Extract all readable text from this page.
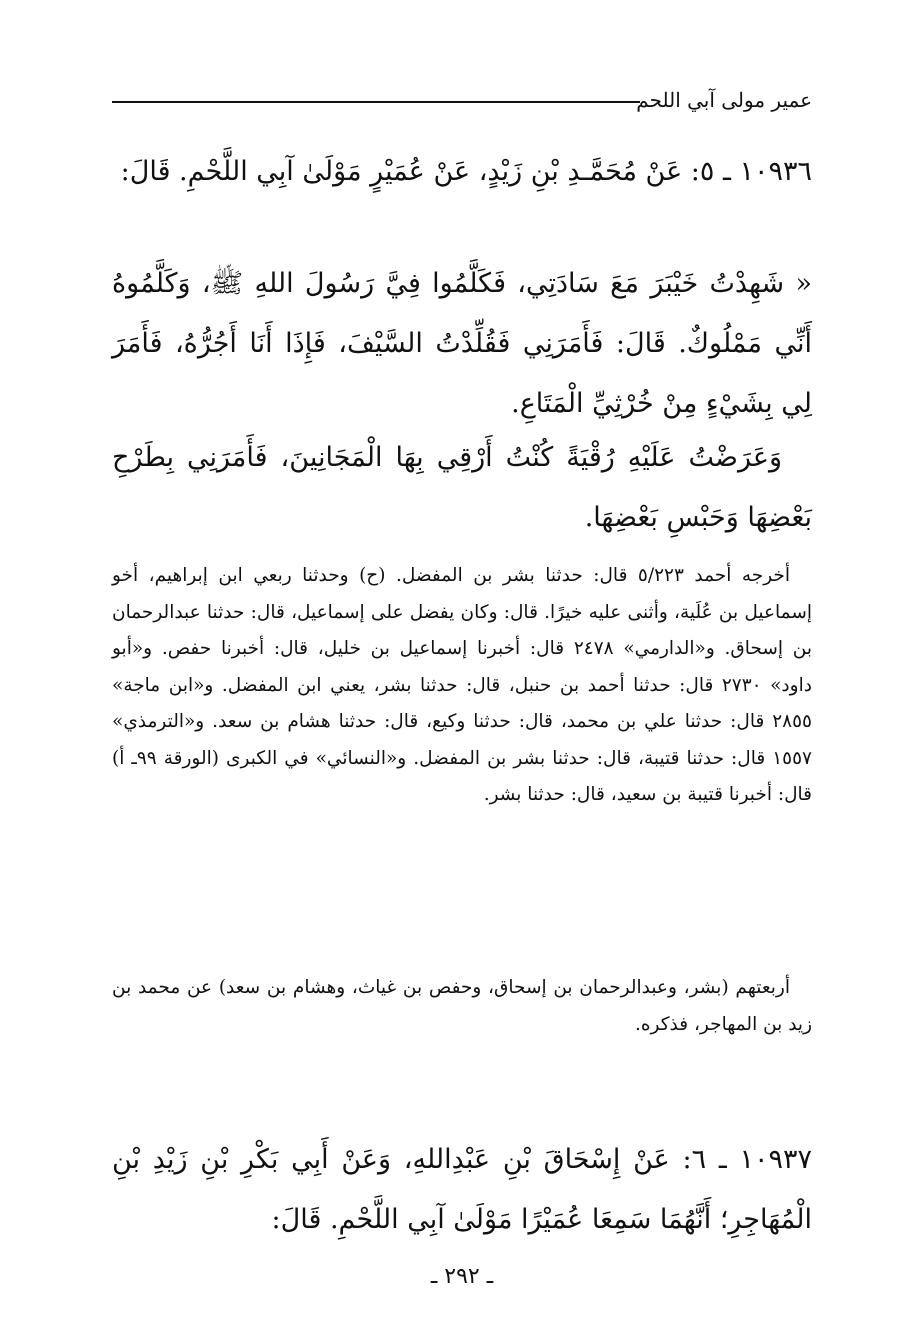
عمير مولى آبي اللحم

١٠٩٣٦ ـ ٥: عَنْ مُحَمَّـدِ بْنِ زَيْدٍ، عَنْ عُمَيْرٍ مَوْلَىٰ آبِي اللَّحْمِ. قَالَ:

« شَهِدْتُ خَيْبَرَ مَعَ سَادَتِي، فَكَلَّمُوا فِيَّ رَسُولَ اللهِ ﷺ، وَكَلَّمُوهُ أَنِّي مَمْلُوكٌ. قَالَ: فَأَمَرَنِي فَقُلِّدْتُ السَّيْفَ، فَإِذَا أَنَا أَجُرُّهُ، فَأَمَرَ لِي بِشَيْءٍ مِنْ خُرْثِيِّ الْمَتَاعِ.

وَعَرَضْتُ عَلَيْهِ رُقْيَةً كُنْتُ أَرْقِي بِهَا الْمَجَانِينَ، فَأَمَرَنِي بِطَرْحِ بَعْضِهَا وَحَبْسِ بَعْضِهَا.

أخرجه أحمد ٥/٢٢٣ قال: حدثنا بشر بن المفضل. (ح) وحدثنا ربعي ابن إبراهيم، أخو إسماعيل بن عُلَية، وأثنى عليه خيرًا. قال: وكان يفضل على إسماعيل، قال: حدثنا عبدالرحمان بن إسحاق. و«الدارمي» ٢٤٧٨ قال: أخبرنا إسماعيل بن خليل، قال: أخبرنا حفص. و«أبو داود» ٢٧٣٠ قال: حدثنا أحمد بن حنبل، قال: حدثنا بشر، يعني ابن المفضل. و«ابن ماجة» ٢٨٥٥ قال: حدثنا علي بن محمد، قال: حدثنا وكيع، قال: حدثنا هشام بن سعد. و«الترمذي» ١٥٥٧ قال: حدثنا قتيبة، قال: حدثنا بشر بن المفضل. و«النسائي» في الكبرى (الورقة ٩٩ـ أ) قال: أخبرنا قتيبة بن سعيد، قال: حدثنا بشر.

أربعتهم (بشر، وعبدالرحمان بن إسحاق، وحفص بن غياث، وهشام بن سعد) عن محمد بن زيد بن المهاجر، فذكره.

١٠٩٣٧ ـ ٦: عَنْ إِسْحَاقَ بْنِ عَبْدِاللهِ، وَعَنْ أَبِي بَكْرِ بْنِ زَيْدِ بْنِ الْمُهَاجِرِ؛ أَنَّهُمَا سَمِعَا عُمَيْرًا مَوْلَىٰ آبِي اللَّحْمِ. قَالَ:

ـ ٢٩٢ ـ
